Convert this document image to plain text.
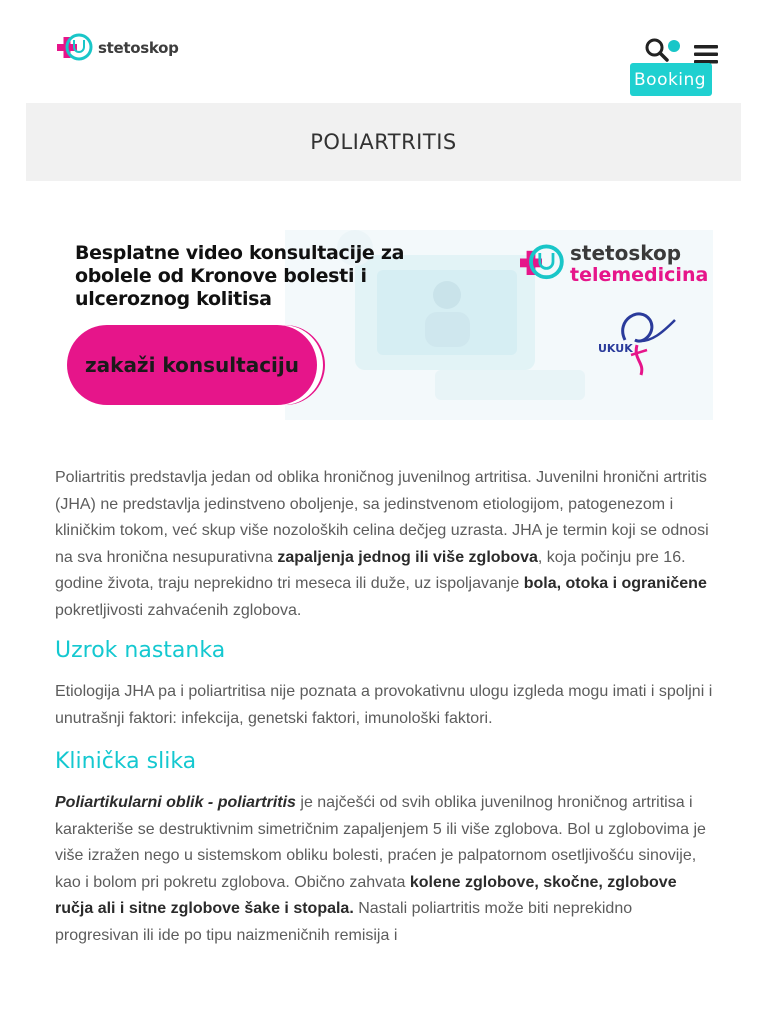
stetoskop
Booking
POLIARTRITIS
Besplatne video konsultacije za
obolele od Kronove bolesti i
ulceroznog kolitisa
zakaži konsultaciju
stetoskop
telemedicina
UKUK

Poliartritis predstavlja jedan od oblika hroničnog juvenilnog artritisa. Juvenilni hronični artritis (JHA) ne predstavlja jedinstveno oboljenje, sa jedinstvenom etiologijom, patogenezom i kliničkim tokom, već skup više nozoloških celina dečjeg uzrasta. JHA je termin koji se odnosi na sva hronična nesupurativna zapaljenja jednog ili više zglobova, koja počinju pre 16. godine života, traju neprekidno tri meseca ili duže, uz ispoljavanje bola, otoka i ograničene pokretljivosti zahvaćenih zglobova.

Uzrok nastanka

Etiologija JHA pa i poliartritisa nije poznata a provokativnu ulogu izgleda mogu imati i spoljni i unutrašnji faktori: infekcija, genetski faktori, imunološki faktori.

Klinička slika

Poliartikularni oblik - poliartritis je najčešći od svih oblika juvenilnog hroničnog artritisa i karakteriše se destruktivnim simetričnim zapaljenjem 5 ili više zglobova. Bol u zglobovima je više izražen nego u sistemskom obliku bolesti, praćen je palpatornom osetljivošću sinovije, kao i bolom pri pokretu zglobova. Obično zahvata kolene zglobove, skočne, zglobove ručja ali i sitne zglobove šake i stopala. Nastali poliartritis može biti neprekidno progresivan ili ide po tipu naizmeničnih remisija i
